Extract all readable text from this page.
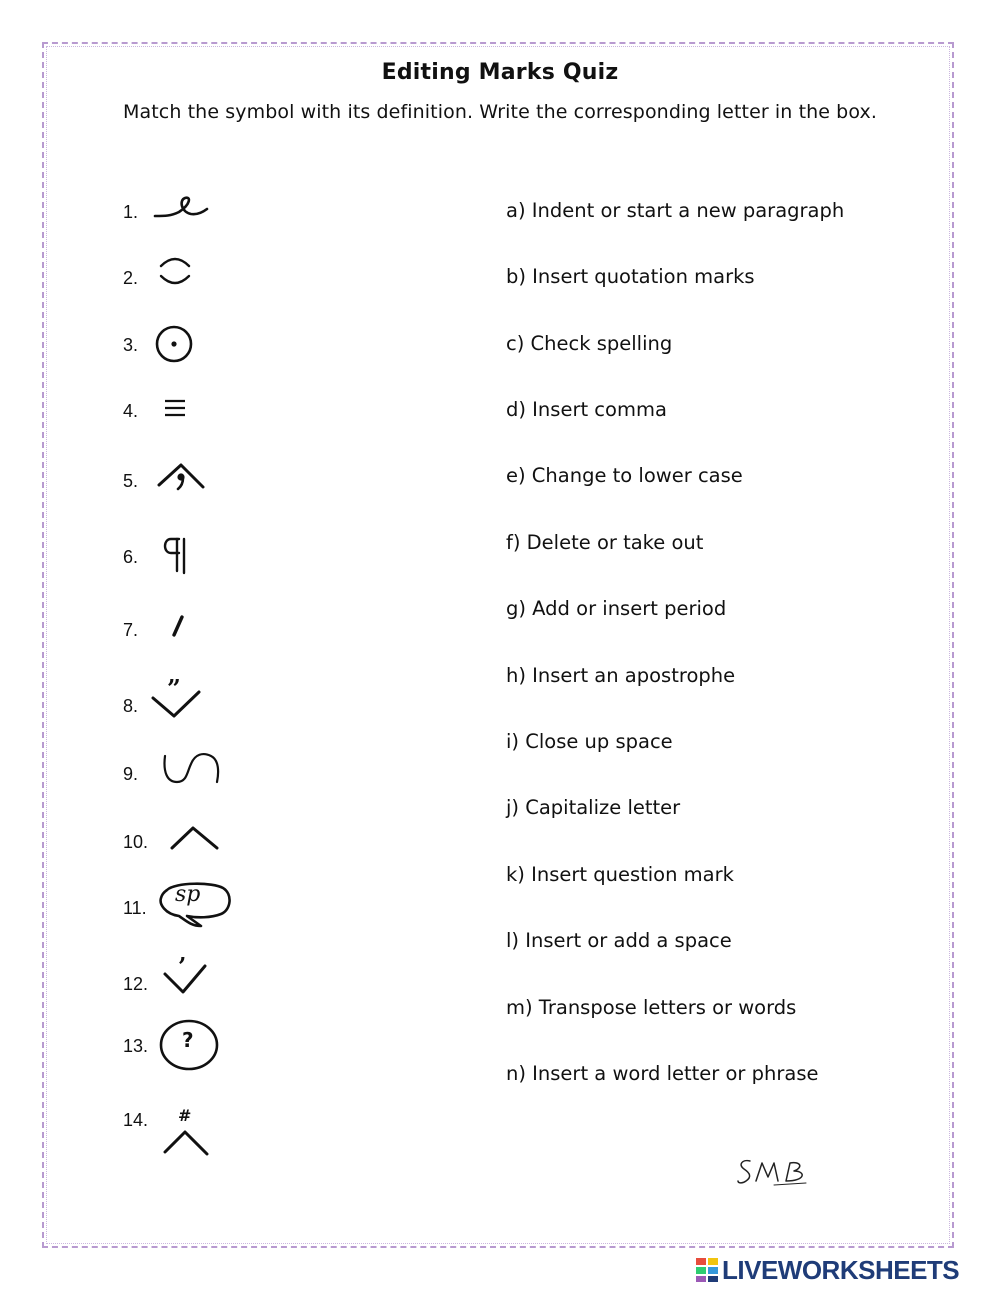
Editing Marks Quiz
Match the symbol with its definition. Write the corresponding letter in the box.
1.
2.
3.
4.
5.
6.
7.
8.
”
9.
10.
11.
sp
12.
’
13. ?
14. #
a) Indent or start a new paragraph
b) Insert quotation marks
c) Check spelling
d) Insert comma
e) Change to lower case
f) Delete or take out
g) Add or insert period
h) Insert an apostrophe
i) Close up space
j) Capitalize letter
k) Insert question mark
l) Insert or add a space
m) Transpose letters or words
n) Insert a word letter or phrase
LIVEWORKSHEETS
